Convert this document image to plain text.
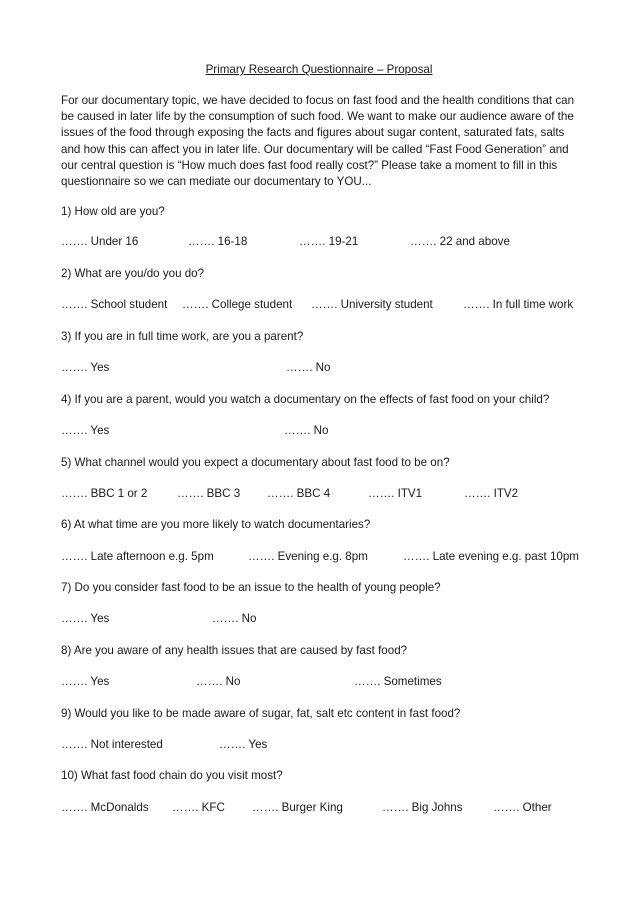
Primary Research Questionnaire – Proposal

For our documentary topic, we have decided to focus on fast food and the health conditions that can be caused in later life by the consumption of such food. We want to make our audience aware of the issues of the food through exposing the facts and figures about sugar content, saturated fats, salts and how this can affect you in later life. Our documentary will be called “Fast Food Generation” and our central question is “How much does fast food really cost?” Please take a moment to fill in this questionnaire so we can mediate our documentary to YOU...

1) How old are you?
……. Under 16	……. 16-18	……. 19-21	……. 22 and above
2) What are you/do you do?
……. School student ……. College student ……. University student	……. In full time work
3) If you are in full time work, are you a parent?
……. Yes	……. No
4) If you are a parent, would you watch a documentary on the effects of fast food on your child?
……. Yes	……. No
5) What channel would you expect a documentary about fast food to be on?
……. BBC 1 or 2	……. BBC 3 ……. BBC 4	……. ITV1	……. ITV2
6) At what time are you more likely to watch documentaries?
……. Late afternoon e.g. 5pm	……. Evening e.g. 8pm	……. Late evening e.g. past 10pm
7) Do you consider fast food to be an issue to the health of young people?
……. Yes	……. No
8) Are you aware of any health issues that are caused by fast food?
……. Yes	……. No	……. Sometimes
9) Would you like to be made aware of sugar, fat, salt etc content in fast food?
……. Not interested	……. Yes
10) What fast food chain do you visit most?
……. McDonalds ……. KFC ……. Burger King	……. Big Johns	……. Other
